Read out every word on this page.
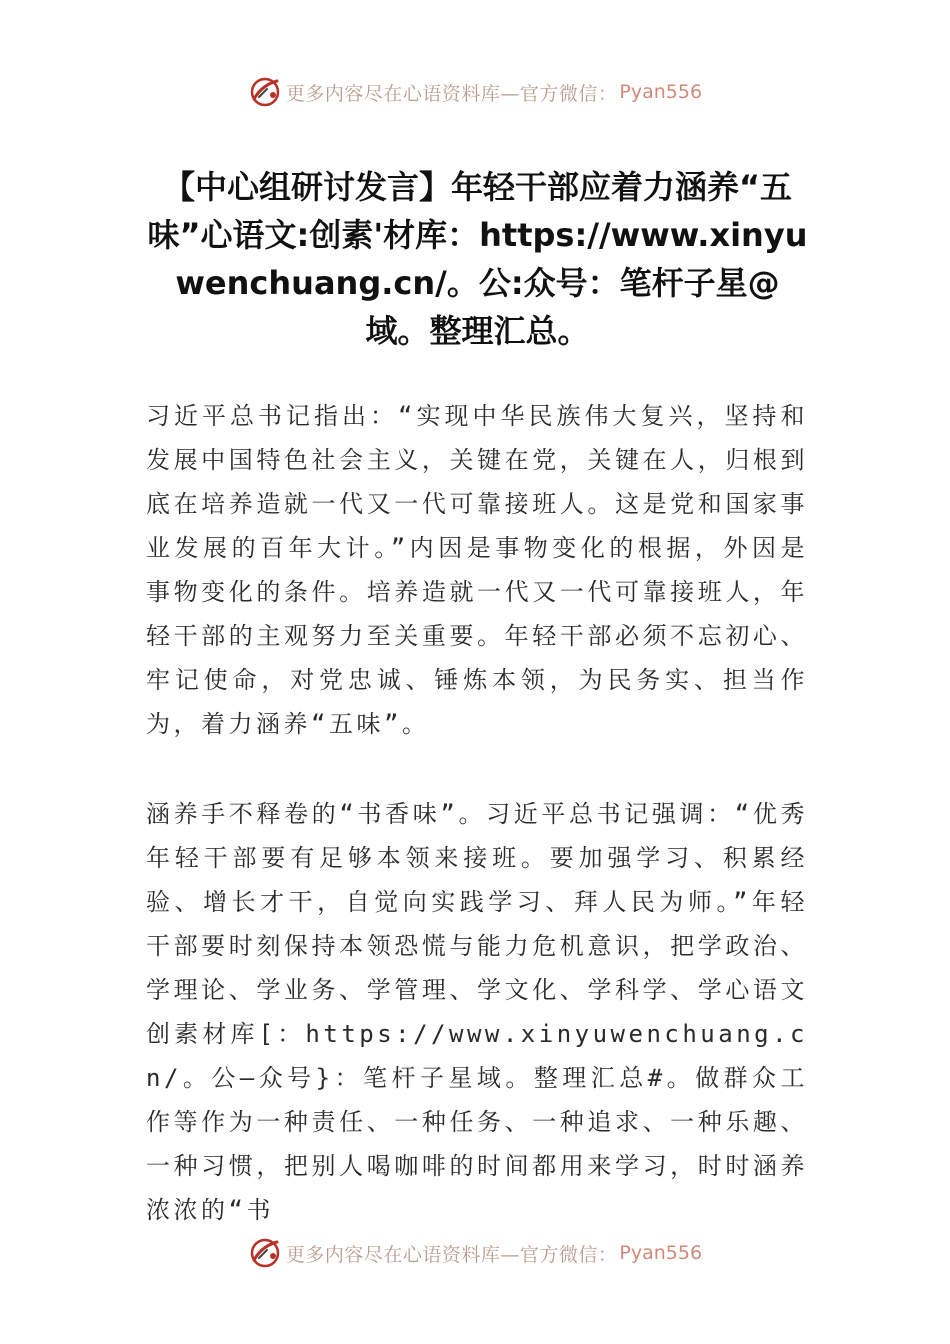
更多内容尽在心语资料库—官方微信： Pyan556
【中心组研讨发言】年轻干部应着力涵养“五味”心语文:创素'材库：https://www.xinyuwenchuang.cn/。公:众号：笔杆子星@域。整理汇总。
习近平总书记指出：“实现中华民族伟大复兴，坚持和发展中国特色社会主义，关键在党，关键在人，归根到底在培养造就一代又一代可靠接班人。这是党和国家事业发展的百年大计。”内因是事物变化的根据，外因是事物变化的条件。培养造就一代又一代可靠接班人，年轻干部的主观努力至关重要。年轻干部必须不忘初心、牢记使命，对党忠诚、锤炼本领，为民务实、担当作为，着力涵养“五味”。
涵养手不释卷的“书香味”。习近平总书记强调：“优秀年轻干部要有足够本领来接班。要加强学习、积累经验、增长才干，自觉向实践学习、拜人民为师。”年轻干部要时刻保持本领恐慌与能力危机意识，把学政治、学理论、学业务、学管理、学文化、学科学、学心语文创素材库[：https://www.xinyuwenchuang.cn/。公—众号}：笔杆子星域。整理汇总#。做群众工作等作为一种责任、一种任务、一种追求、一种乐趣、一种习惯，把别人喝咖啡的时间都用来学习，时时涵养浓浓的“书
更多内容尽在心语资料库—官方微信： Pyan556
